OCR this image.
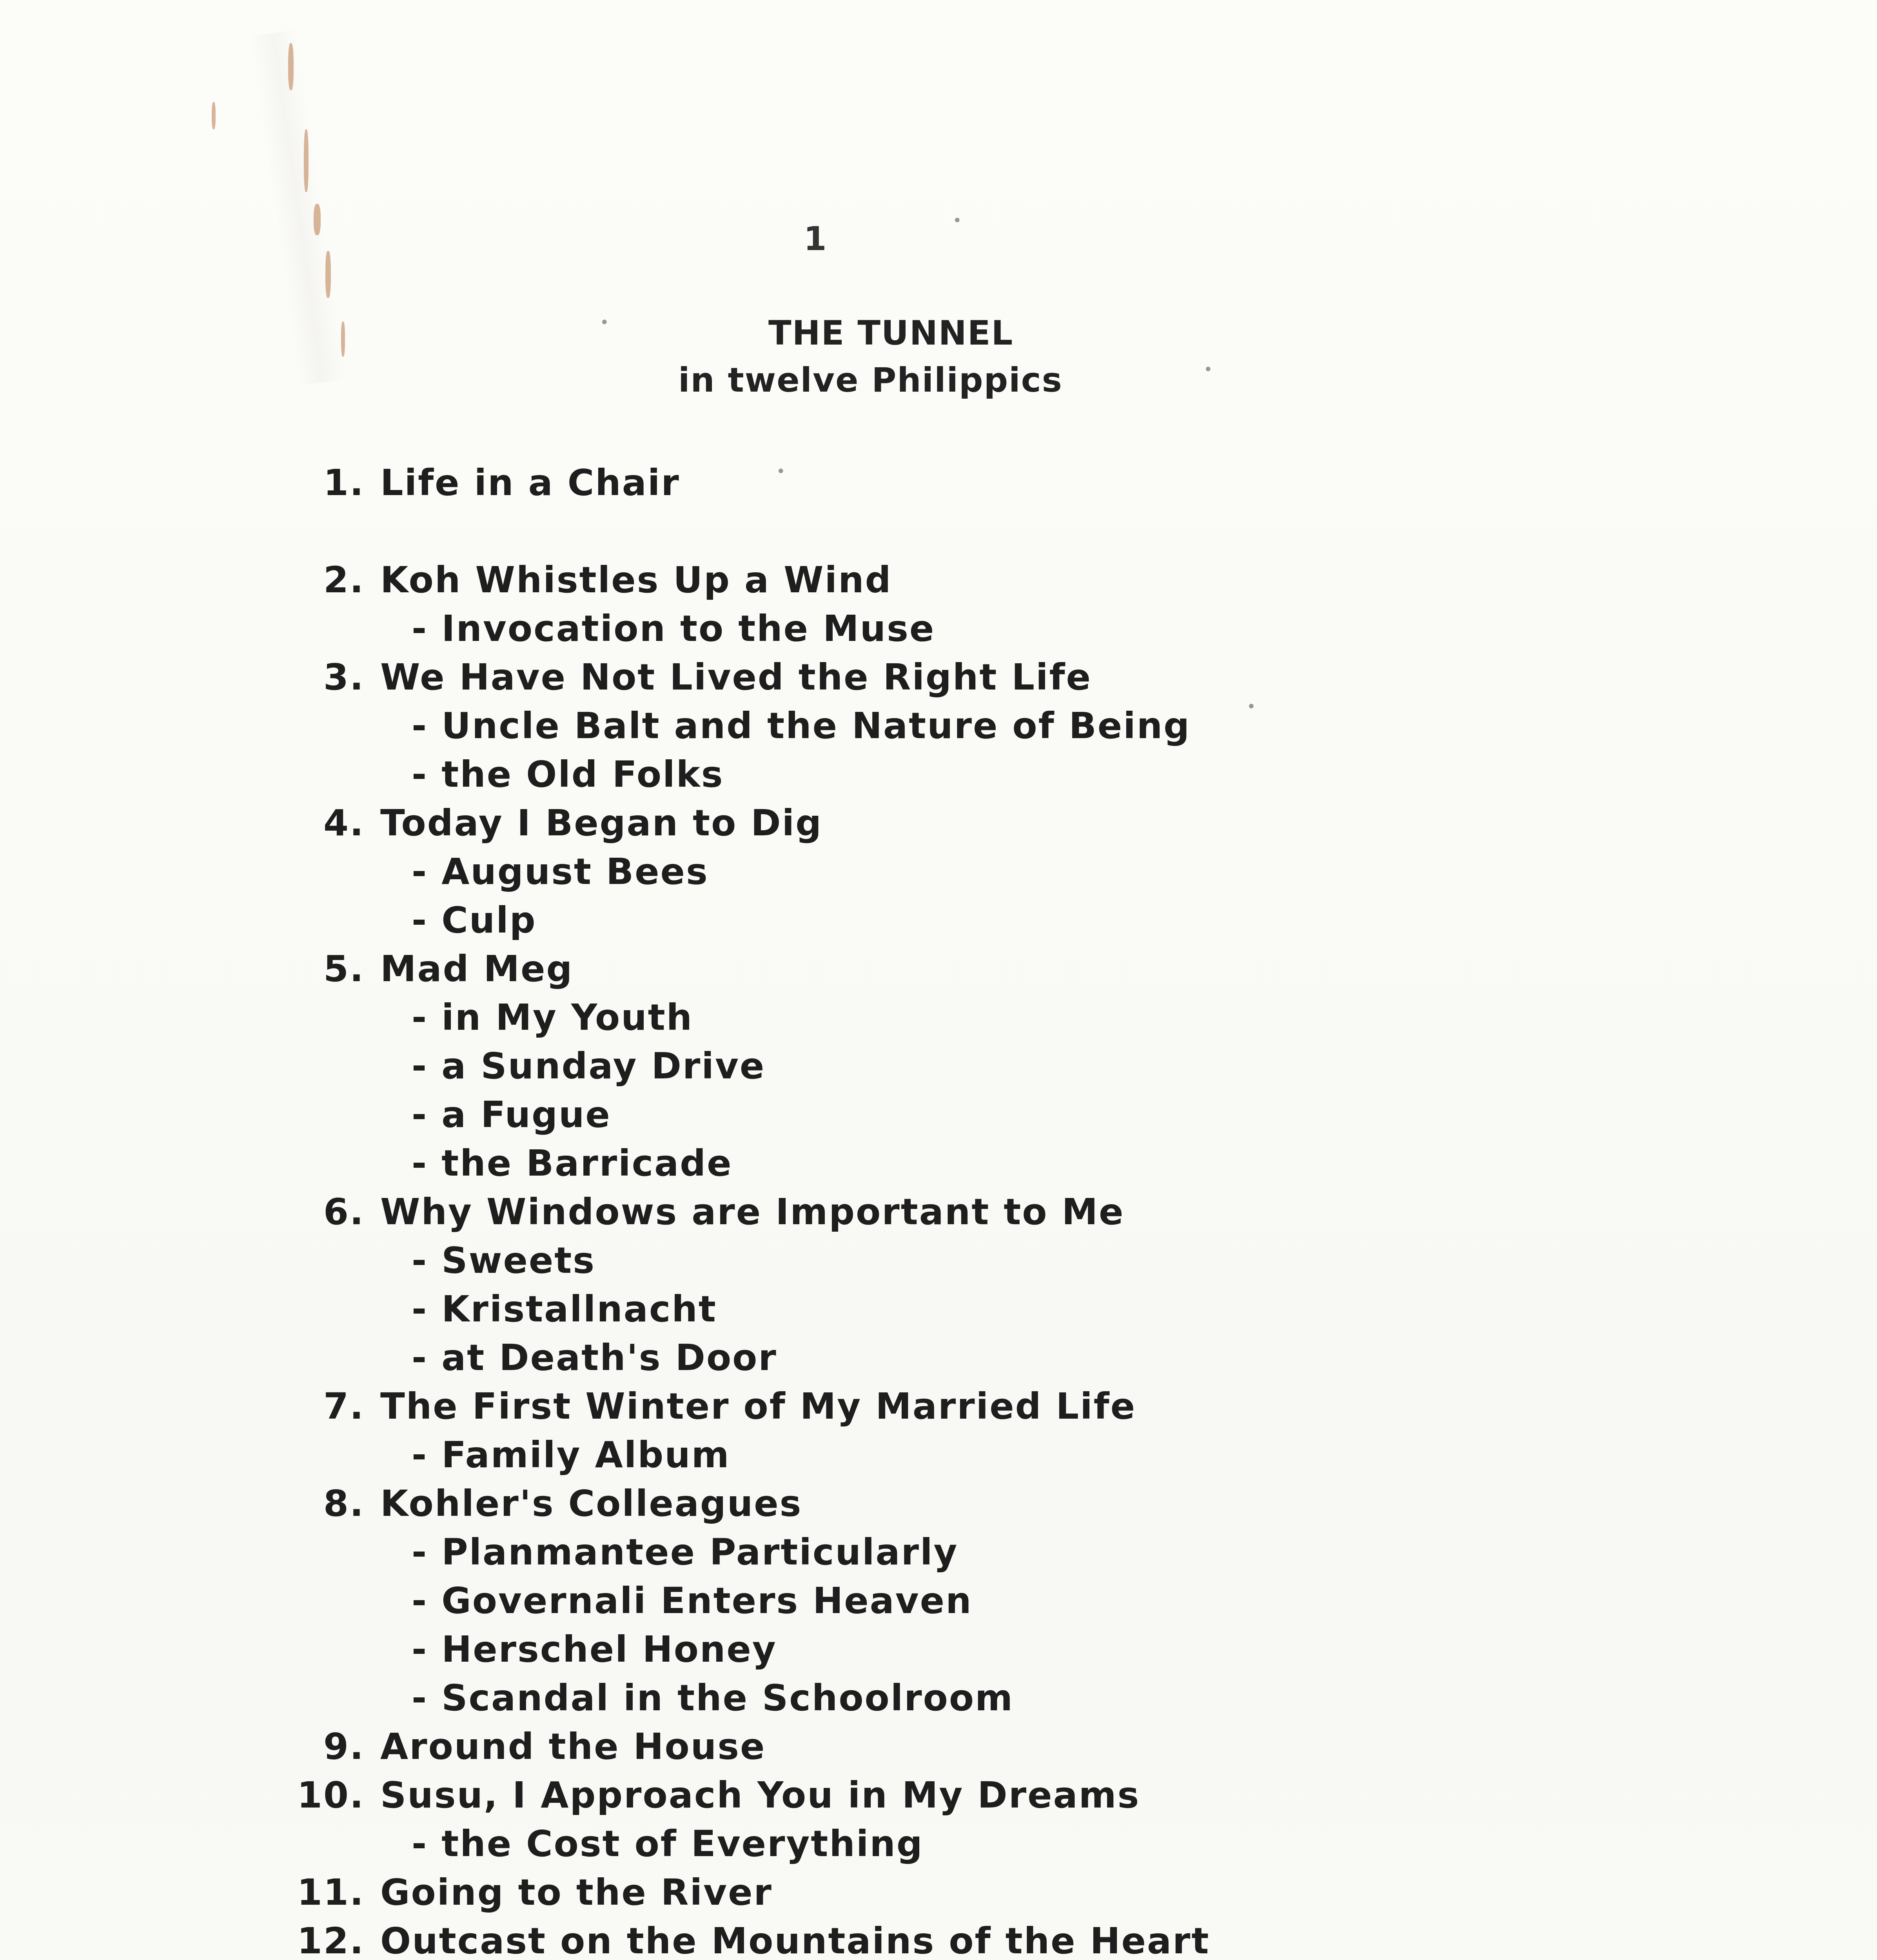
•
•
•
•
•
1
THE TUNNEL
in twelve Philippics
1. Life in a Chair
2. Koh Whistles Up a Wind
- Invocation to the Muse
3. We Have Not Lived the Right Life
- Uncle Balt and the Nature of Being
- the Old Folks
4. Today I Began to Dig
- August Bees
- Culp
5. Mad Meg
- in My Youth
- a Sunday Drive
- a Fugue
- the Barricade
6. Why Windows are Important to Me
- Sweets
- Kristallnacht
- at Death's Door
7. The First Winter of My Married Life
- Family Album
8. Kohler's Colleagues
- Planmantee Particularly
- Governali Enters Heaven
- Herschel Honey
- Scandal in the Schoolroom
9. Around the House
10. Susu, I Approach You in My Dreams
- the Cost of Everything
11. Going to the River
12. Outcast on the Mountains of the Heart
